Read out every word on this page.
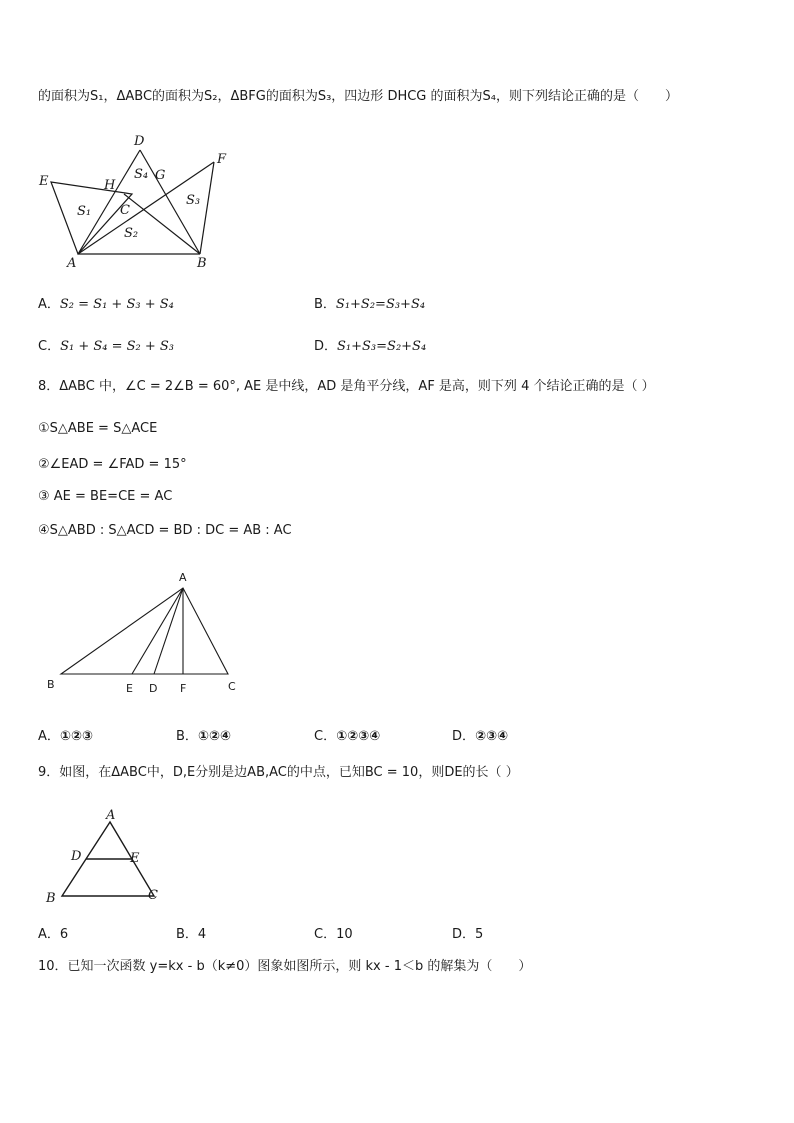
的面积为S₁，ΔABC的面积为S₂，ΔBFG的面积为S₃，四边形 DHCG 的面积为S₄，则下列结论正确的是（　　）
D
F
E	H
G
C
A	B
S₄
S₁
S₃
S₂
A．S₂ = S₁ + S₃ + S₄	B．S₁+S₂=S₃+S₄
C．S₁ + S₄ = S₂ + S₃	D．S₁+S₃=S₂+S₄
8．ΔABC 中，∠C = 2∠B = 60°, AE 是中线，AD 是角平分线，AF 是高，则下列 4 个结论正确的是（ ）
①S△ABE = S△ACE
②∠EAD = ∠FAD = 15°
③ AE = BE=CE = AC
④S△ABD : S△ACD = BD : DC = AB : AC
A
B	E D F	C
A．①②③	B．①②④	C．①②③④	D．②③④
9．如图，在ΔABC中，D,E分别是边AB,AC的中点，已知BC = 10，则DE的长（ ）
A
D	E
B	C
A．6	B．4	C．10	D．5
10．已知一次函数 y=kx - b（k≠0）图象如图所示，则 kx - 1＜b 的解集为（　　）
